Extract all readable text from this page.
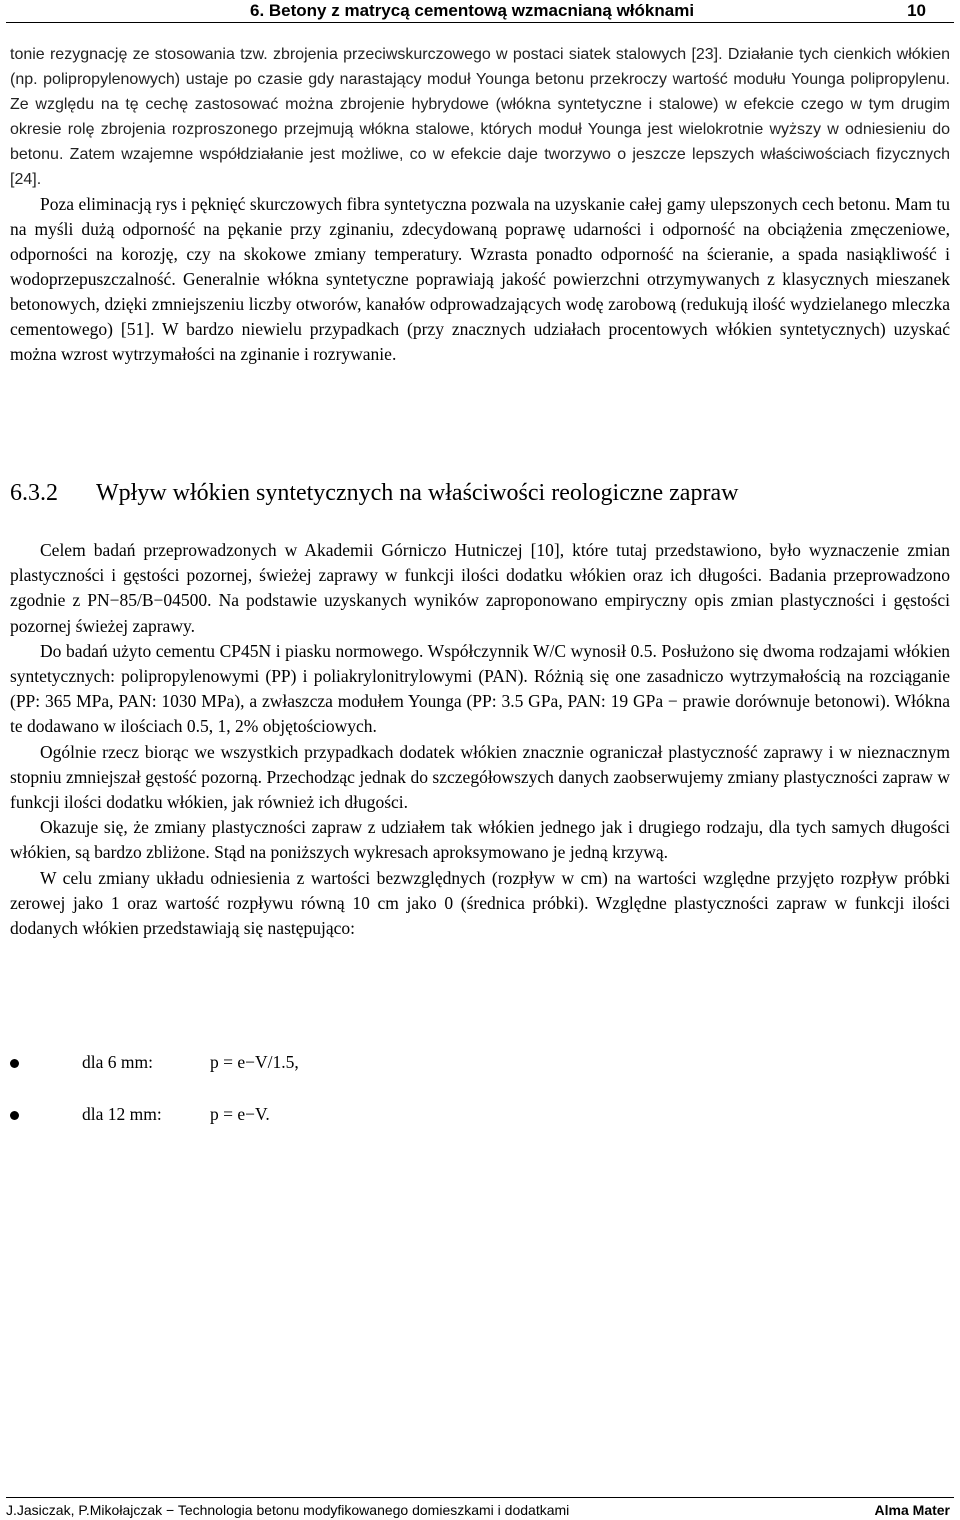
6. Betony z matrycą cementową wzmacnianą włóknami	10

tonie rezygnację ze stosowania tzw. zbrojenia przeciwskurczowego w postaci siatek stalowych [23]. Działanie tych cienkich włókien (np. polipropylenowych) ustaje po czasie gdy narastający moduł Younga betonu przekroczy wartość modułu Younga polipropylenu. Ze względu na tę cechę zastosować można zbrojenie hybrydowe (włókna syntetyczne i stalowe) w efekcie czego w tym drugim okresie rolę zbrojenia rozproszonego przejmują włókna stalowe, których moduł Younga jest wielokrotnie wyższy w odniesieniu do betonu. Zatem wzajemne współdziałanie jest możliwe, co w efekcie daje tworzywo o jeszcze lepszych właściwościach fizycznych [24].

Poza eliminacją rys i pęknięć skurczowych fibra syntetyczna pozwala na uzyskanie całej gamy ulepszonych cech betonu. Mam tu na myśli dużą odporność na pękanie przy zginaniu, zdecydowaną poprawę udarności i odporność na obciążenia zmęczeniowe, odporności na korozję, czy na skokowe zmiany temperatury. Wzrasta ponadto odporność na ścieranie, a spada nasiąkliwość i wodoprzepuszczalność. Generalnie włókna syntetyczne poprawiają jakość powierzchni otrzymywanych z klasycznych mieszanek betonowych, dzięki zmniejszeniu liczby otworów, kanałów odprowadzających wodę zarobową (redukują ilość wydzielanego mleczka cementowego) [51]. W bardzo niewielu przypadkach (przy znacznych udziałach procentowych włókien syntetycznych) uzyskać można wzrost wytrzymałości na zginanie i rozrywanie.

6.3.2 Wpływ włókien syntetycznych na właściwości reologiczne zapraw

Celem badań przeprowadzonych w Akademii Górniczo Hutniczej [10], które tutaj przedstawiono, było wyznaczenie zmian plastyczności i gęstości pozornej, świeżej zaprawy w funkcji ilości dodatku włókien oraz ich długości. Badania przeprowadzono zgodnie z PN−85/B−04500. Na podstawie uzyskanych wyników zaproponowano empiryczny opis zmian plastyczności i gęstości pozornej świeżej zaprawy.

Do badań użyto cementu CP45N i piasku normowego. Współczynnik W/C wynosił 0.5. Posłużono się dwoma rodzajami włókien syntetycznych: polipropylenowymi (PP) i poliakrylonitrylowymi (PAN). Różnią się one zasadniczo wytrzymałością na rozciąganie (PP: 365 MPa, PAN: 1030 MPa), a zwłaszcza modułem Younga (PP: 3.5 GPa, PAN: 19 GPa − prawie dorównuje betonowi). Włókna te dodawano w ilościach 0.5, 1, 2% objętościowych.

Ogólnie rzecz biorąc we wszystkich przypadkach dodatek włókien znacznie ograniczał plastyczność zaprawy i w nieznacznym stopniu zmniejszał gęstość pozorną. Przechodząc jednak do szczegółowszych danych zaobserwujemy zmiany plastyczności zapraw w funkcji ilości dodatku włókien, jak również ich długości.

Okazuje się, że zmiany plastyczności zapraw z udziałem tak włókien jednego jak i drugiego rodzaju, dla tych samych długości włókien, są bardzo zbliżone. Stąd na poniższych wykresach aproksymowano je jedną krzywą.

W celu zmiany układu odniesienia z wartości bezwzględnych (rozpływ w cm) na wartości względne przyjęto rozpływ próbki zerowej jako 1 oraz wartość rozpływu równą 10 cm jako 0 (średnica próbki). Względne plastyczności zapraw w funkcji ilości dodanych włókien przedstawiają się następująco:

dla 6 mm:	p = e−V/1.5,
dla 12 mm:	p = e−V.
J.Jasiczak, P.Mikołajczak − Technologia betonu modyfikowanego domieszkami i dodatkami	Alma Mater
